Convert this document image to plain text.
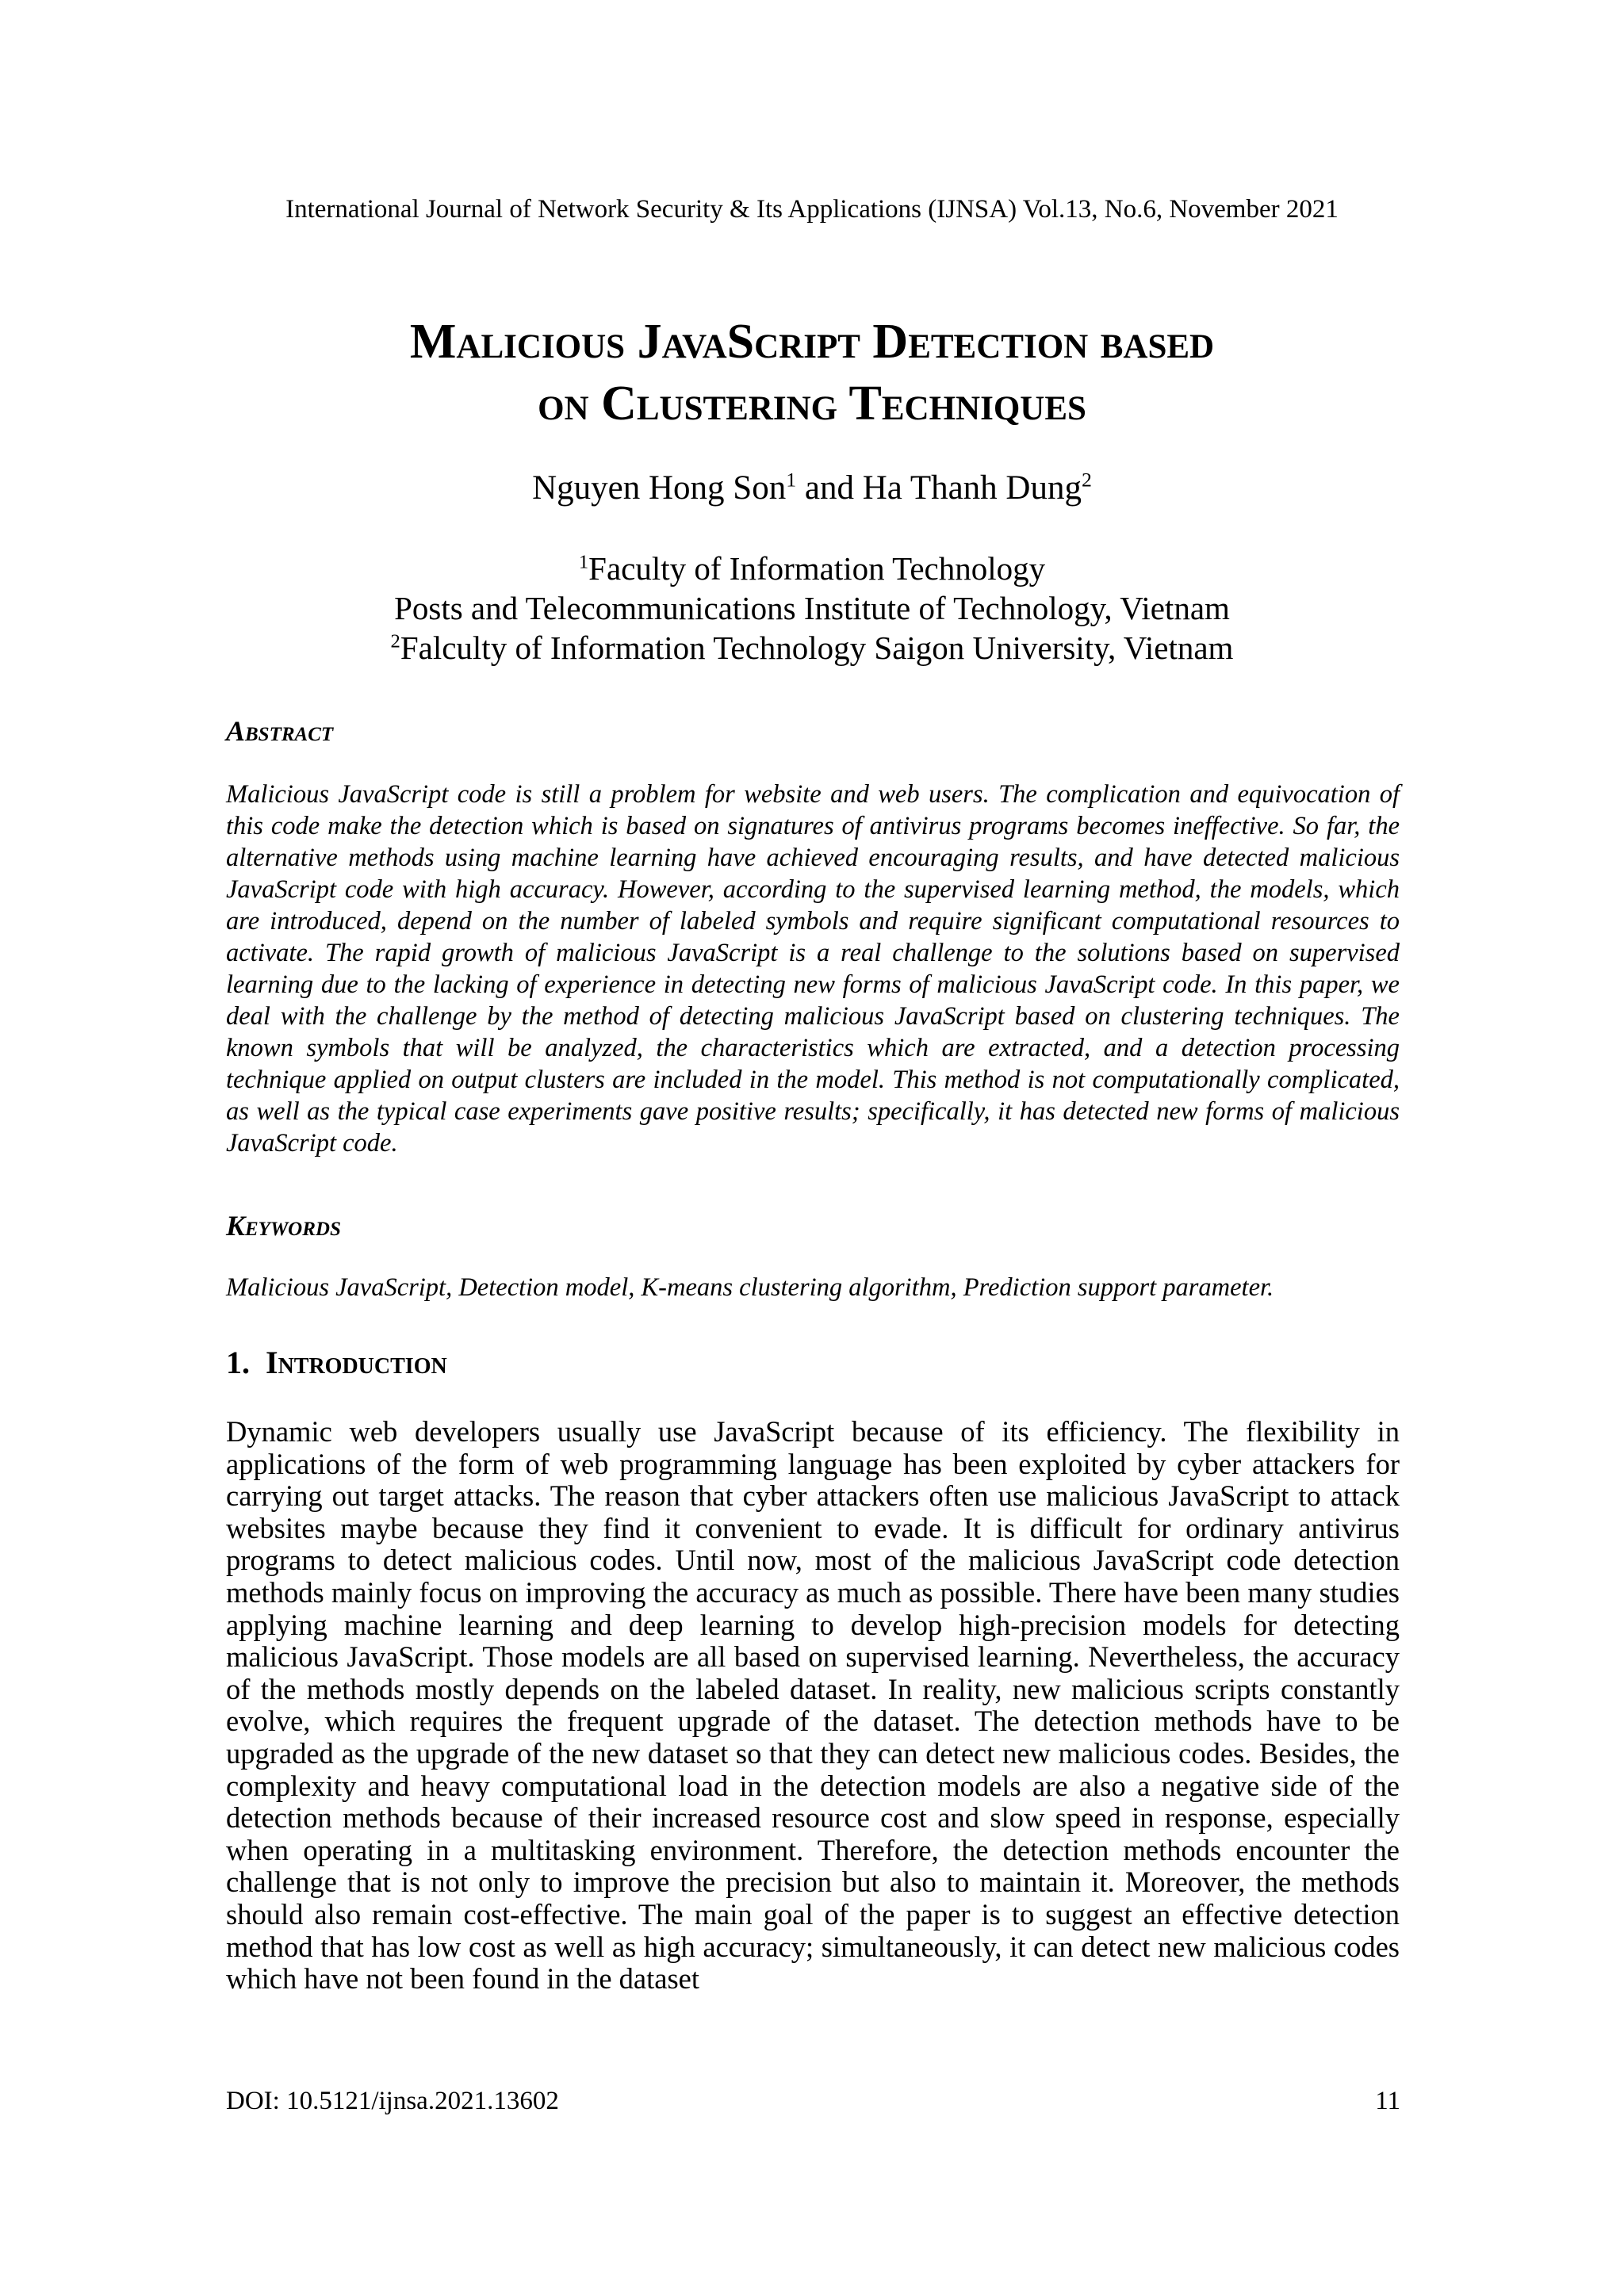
International Journal of Network Security & Its Applications (IJNSA) Vol.13, No.6, November 2021
Malicious JavaScript Detection based
on Clustering Techniques
Nguyen Hong Son$^1$ and Ha Thanh Dung$^2$
$^1$Faculty of Information Technology
Posts and Telecommunications Institute of Technology, Vietnam
$^2$Falculty of Information Technology Saigon University, Vietnam
Abstract
Malicious JavaScript code is still a problem for website and web users. The complication and equivocation of this code make the detection which is based on signatures of antivirus programs becomes ineffective. So far, the alternative methods using machine learning have achieved encouraging results, and have detected malicious JavaScript code with high accuracy. However, according to the supervised learning method, the models, which are introduced, depend on the number of labeled symbols and require significant computational resources to activate. The rapid growth of malicious JavaScript is a real challenge to the solutions based on supervised learning due to the lacking of experience in detecting new forms of malicious JavaScript code. In this paper, we deal with the challenge by the method of detecting malicious JavaScript based on clustering techniques. The known symbols that will be analyzed, the characteristics which are extracted, and a detection processing technique applied on output clusters are included in the model. This method is not computationally complicated, as well as the typical case experiments gave positive results; specifically, it has detected new forms of malicious JavaScript code.
Keywords
Malicious JavaScript, Detection model, K-means clustering algorithm, Prediction support parameter.
1. Introduction
Dynamic web developers usually use JavaScript because of its efficiency. The flexibility in applications of the form of web programming language has been exploited by cyber attackers for carrying out target attacks. The reason that cyber attackers often use malicious JavaScript to attack websites maybe because they find it convenient to evade. It is difficult for ordinary antivirus programs to detect malicious codes. Until now, most of the malicious JavaScript code detection methods mainly focus on improving the accuracy as much as possible. There have been many studies applying machine learning and deep learning to develop high-precision models for detecting malicious JavaScript. Those models are all based on supervised learning. Nevertheless, the accuracy of the methods mostly depends on the labeled dataset. In reality, new malicious scripts constantly evolve, which requires the frequent upgrade of the dataset. The detection methods have to be upgraded as the upgrade of the new dataset so that they can detect new malicious codes. Besides, the complexity and heavy computational load in the detection models are also a negative side of the detection methods because of their increased resource cost and slow speed in response, especially when operating in a multitasking environment. Therefore, the detection methods encounter the challenge that is not only to improve the precision but also to maintain it. Moreover, the methods should also remain cost-effective. The main goal of the paper is to suggest an effective detection method that has low cost as well as high accuracy; simultaneously, it can detect new malicious codes which have not been found in the dataset
DOI: 10.5121/ijnsa.2021.13602	11
